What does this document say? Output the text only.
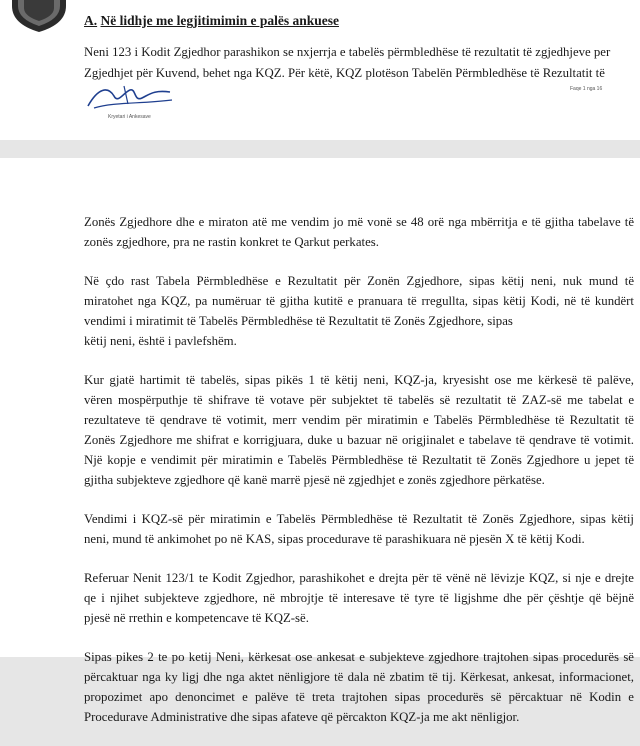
A. Në lidhje me legjitimimin e palës ankuese
Neni 123 i Kodit Zgjedhor parashikon se nxjerrja e tabelës përmbledhëse të rezultatit të zgjedhjeve per
Zgjedhjet për Kuvend, behet nga KQZ. Për këtë, KQZ plotëson Tabelën Përmbledhëse të Rezultatit të
Kryetari i Ankesave
Faqe 1 nga 16

Zonës Zgjedhore dhe e miraton atë me vendim jo më vonë se 48 orë nga mbërritja e të gjitha tabelave të
zonës zgjedhore, pra ne rastin konkret te Qarkut perkates.

Në çdo rast Tabela Përmbledhëse e Rezultatit për Zonën Zgjedhore, sipas këtij neni, nuk mund të
miratohet nga KQZ, pa numëruar të gjitha kutitë e pranuara të rregullta, sipas këtij Kodi, në të kundërt
vendimi i miratimit të Tabelës Përmbledhëse të Rezultatit të Zonës Zgjedhore, sipas
këtij neni, është i pavlefshëm.

Kur gjatë hartimit të tabelës, sipas pikës 1 të këtij neni, KQZ-ja, kryesisht ose me kërkesë të palëve,
vëren mospërputhje të shifrave të votave për subjektet të tabelës së rezultatit të ZAZ-së me tabelat e
rezultateve të qendrave të votimit, merr vendim për miratimin e Tabelës Përmbledhëse të Rezultatit të
Zonës Zgjedhore me shifrat e korrigjuara, duke u bazuar në origjinalet e tabelave të qendrave të votimit.
Një kopje e vendimit për miratimin e Tabelës Përmbledhëse të Rezultatit të Zonës Zgjedhore u jepet të
gjitha subjekteve zgjedhore që kanë marrë pjesë në zgjedhjet e zonës zgjedhore përkatëse.

Vendimi i KQZ-së për miratimin e Tabelës Përmbledhëse të Rezultatit të Zonës Zgjedhore, sipas këtij
neni, mund të ankimohet po në KAS, sipas procedurave të parashikuara në pjesën X të këtij Kodi.

Referuar Nenit 123/1 te Kodit Zgjedhor, parashikohet e drejta për të vënë në lëvizje KQZ, si nje e drejte
qe i njihet subjekteve zgjedhore, në mbrojtje të interesave të tyre të ligjshme dhe për çështje që bëjnë
pjesë në rrethin e kompetencave të KQZ-së.

Sipas pikes 2 te po ketij Neni, kërkesat ose ankesat e subjekteve zgjedhore trajtohen sipas procedurës së
përcaktuar nga ky ligj dhe nga aktet nënligjore të dala në zbatim të tij. Kërkesat, ankesat, informacionet,
propozimet apo denoncimet e palëve të treta trajtohen sipas procedurës së përcaktuar në Kodin e
Procedurave Administrative dhe sipas afateve që përcakton KQZ-ja me akt nënligjor.
